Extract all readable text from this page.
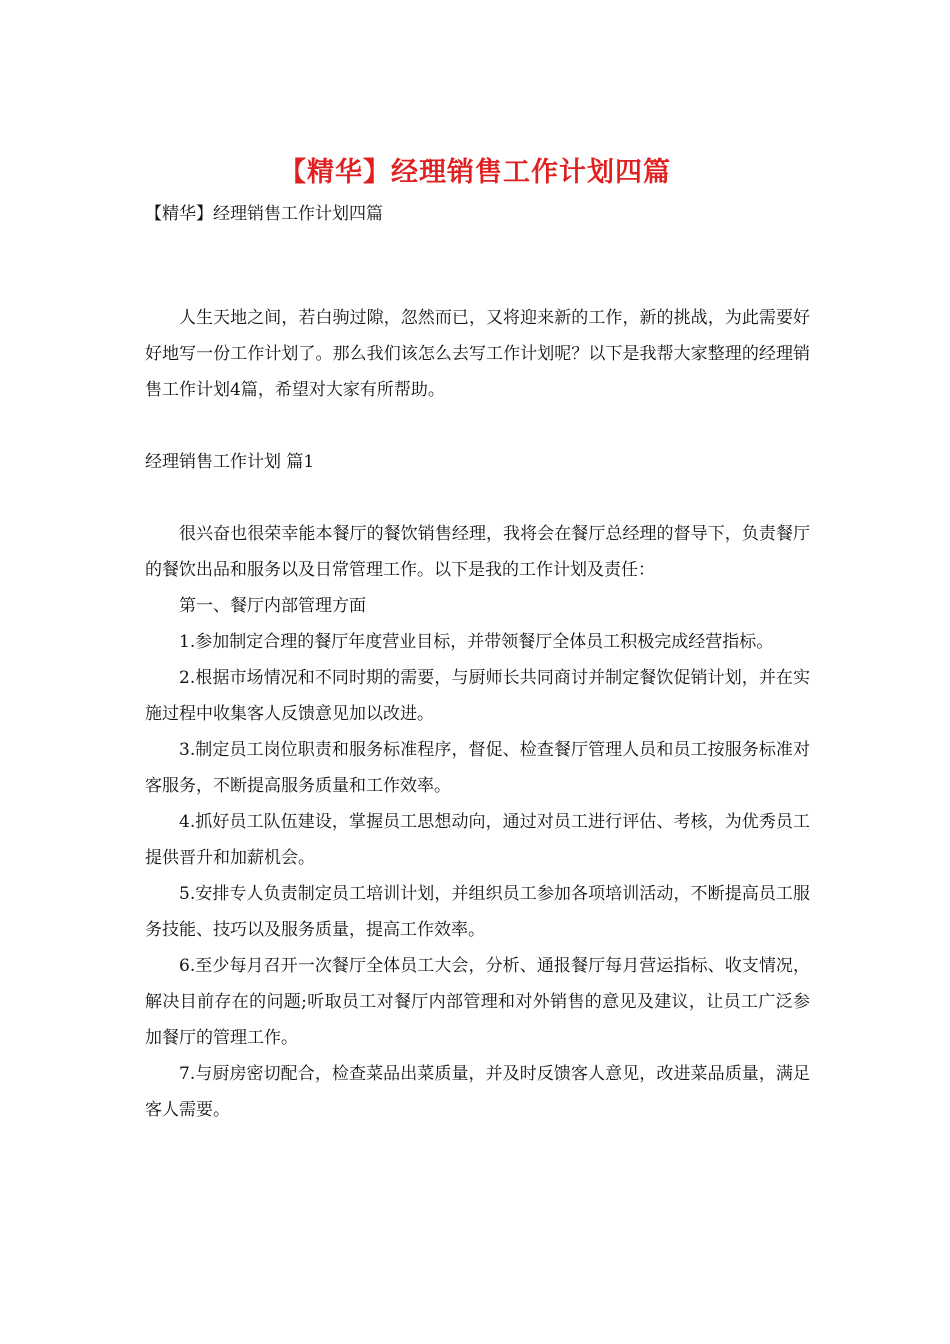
【精华】经理销售工作计划四篇
【精华】经理销售工作计划四篇

人生天地之间，若白驹过隙，忽然而已，又将迎来新的工作，新的挑战，为此需要好好地写一份工作计划了。那么我们该怎么去写工作计划呢？以下是我帮大家整理的经理销售工作计划4篇，希望对大家有所帮助。

经理销售工作计划 篇1

很兴奋也很荣幸能本餐厅的餐饮销售经理，我将会在餐厅总经理的督导下，负责餐厅的餐饮出品和服务以及日常管理工作。以下是我的工作计划及责任：

第一、餐厅内部管理方面

1.参加制定合理的餐厅年度营业目标，并带领餐厅全体员工积极完成经营指标。

2.根据市场情况和不同时期的需要，与厨师长共同商讨并制定餐饮促销计划，并在实施过程中收集客人反馈意见加以改进。

3.制定员工岗位职责和服务标准程序，督促、检查餐厅管理人员和员工按服务标准对客服务，不断提高服务质量和工作效率。

4.抓好员工队伍建设，掌握员工思想动向，通过对员工进行评估、考核，为优秀员工提供晋升和加薪机会。

5.安排专人负责制定员工培训计划，并组织员工参加各项培训活动，不断提高员工服务技能、技巧以及服务质量，提高工作效率。

6.至少每月召开一次餐厅全体员工大会，分析、通报餐厅每月营运指标、收支情况，解决目前存在的问题;听取员工对餐厅内部管理和对外销售的意见及建议，让员工广泛参加餐厅的管理工作。

7.与厨房密切配合，检查菜品出菜质量，并及时反馈客人意见，改进菜品质量，满足客人需要。
